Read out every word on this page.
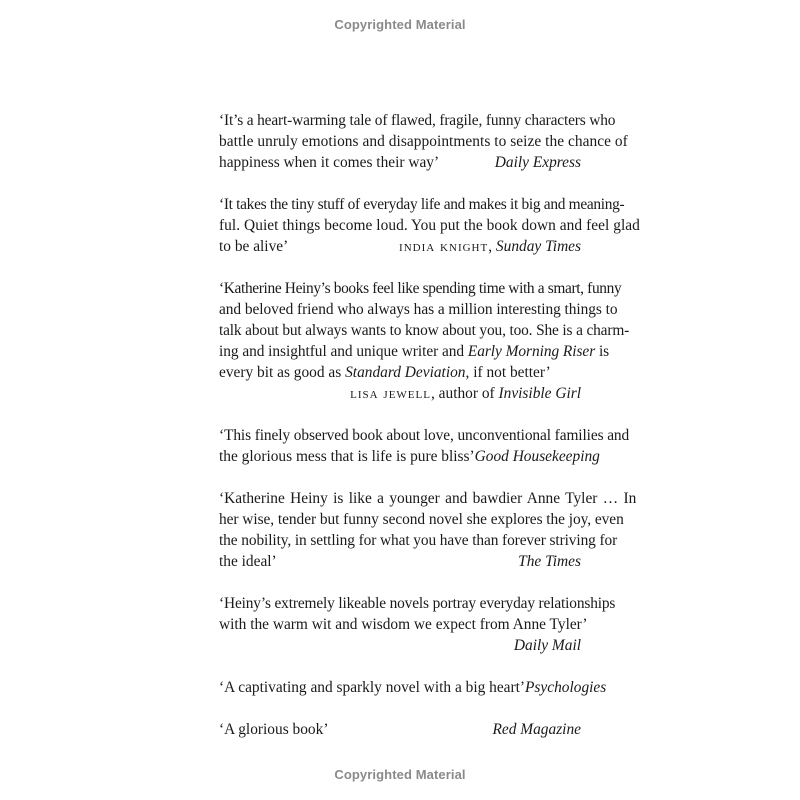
Copyrighted Material
‘It’s a heart-warming tale of flawed, fragile, funny characters who
battle unruly emotions and disappointments to seize the chance of
happiness when it comes their way’	Daily Express
‘It takes the tiny stuff of everyday life and makes it big and meaning-
ful. Quiet things become loud. You put the book down and feel glad
to be alive’	india knight, Sunday Times
‘Katherine Heiny’s books feel like spending time with a smart, funny
and beloved friend who always has a million interesting things to
talk about but always wants to know about you, too. She is a charm-
ing and insightful and unique writer and Early Morning Riser is
every bit as good as Standard Deviation, if not better’
lisa jewell, author of Invisible Girl
‘This finely observed book about love, unconventional families and
the glorious mess that is life is pure bliss’ Good Housekeeping
‘Katherine Heiny is like a younger and bawdier Anne Tyler … In
her wise, tender but funny second novel she explores the joy, even
the nobility, in settling for what you have than forever striving for
the ideal’	The Times
‘Heiny’s extremely likeable novels portray everyday relationships
with the warm wit and wisdom we expect from Anne Tyler’
Daily Mail
‘A captivating and sparkly novel with a big heart’ Psychologies
‘A glorious book’	Red Magazine
Copyrighted Material
